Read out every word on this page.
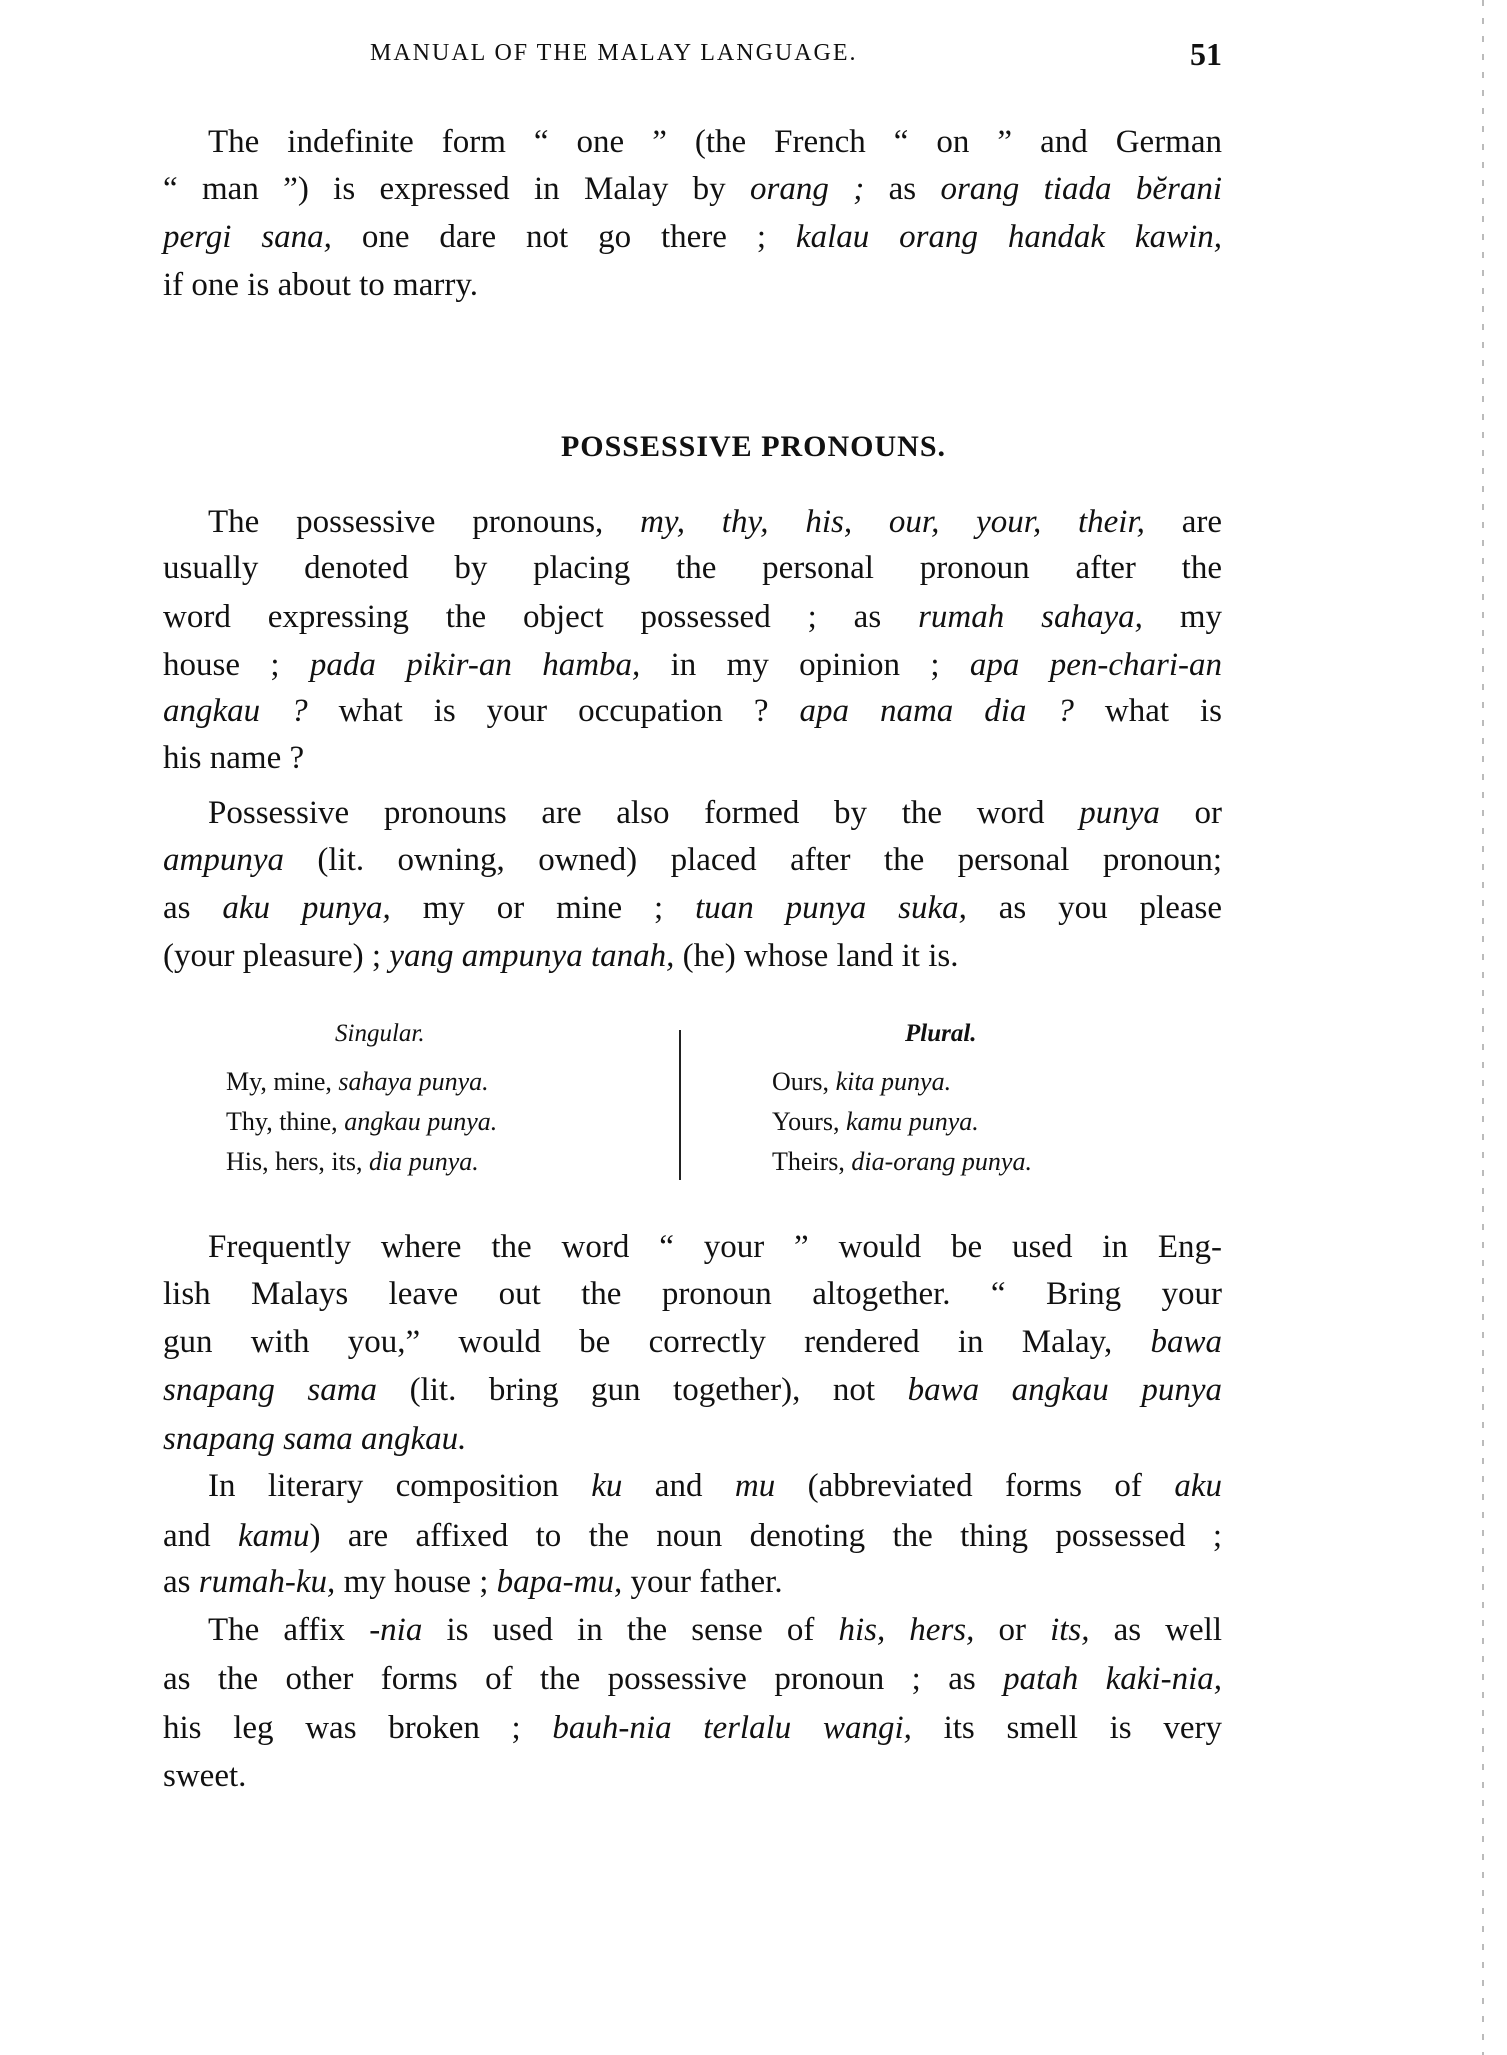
MANUAL OF THE MALAY LANGUAGE.	51
POSSESSIVE PRONOUNS.
The indefinite form “ one ” (the French “ on ” and German
“ man ”) is expressed in Malay by orang ; as orang tiada bĕrani
pergi sana, one dare not go there ; kalau orang handak kawin,
if one is about to marry.
The possessive pronouns, my, thy, his, our, your, their, are
usually denoted by placing the personal pronoun after the
word expressing the object possessed ; as rumah sahaya, my
house ; pada pikir-an hamba, in my opinion ; apa pen-chari-an
angkau ? what is your occupation ? apa nama dia ? what is
his name ?
Possessive pronouns are also formed by the word punya or
ampunya (lit. owning, owned) placed after the personal pronoun;
as aku punya, my or mine ; tuan punya suka, as you please
(your pleasure) ; yang ampunya tanah, (he) whose land it is.
Frequently where the word “ your ” would be used in Eng-
lish Malays leave out the pronoun altogether. “ Bring your
gun with you,” would be correctly rendered in Malay, bawa
snapang sama (lit. bring gun together), not bawa angkau punya
snapang sama angkau.
In literary composition ku and mu (abbreviated forms of aku
and kamu) are affixed to the noun denoting the thing possessed ;
as rumah-ku, my house ; bapa-mu, your father.
The affix -nia is used in the sense of his, hers, or its, as well
as the other forms of the possessive pronoun ; as patah kaki-nia,
his leg was broken ; bauh-nia terlalu wangi, its smell is very
sweet.
Singular.	Plural.
My, mine, sahaya punya.
Thy, thine, angkau punya.
His, hers, its, dia punya.
Ours, kita punya.
Yours, kamu punya.
Theirs, dia-orang punya.
